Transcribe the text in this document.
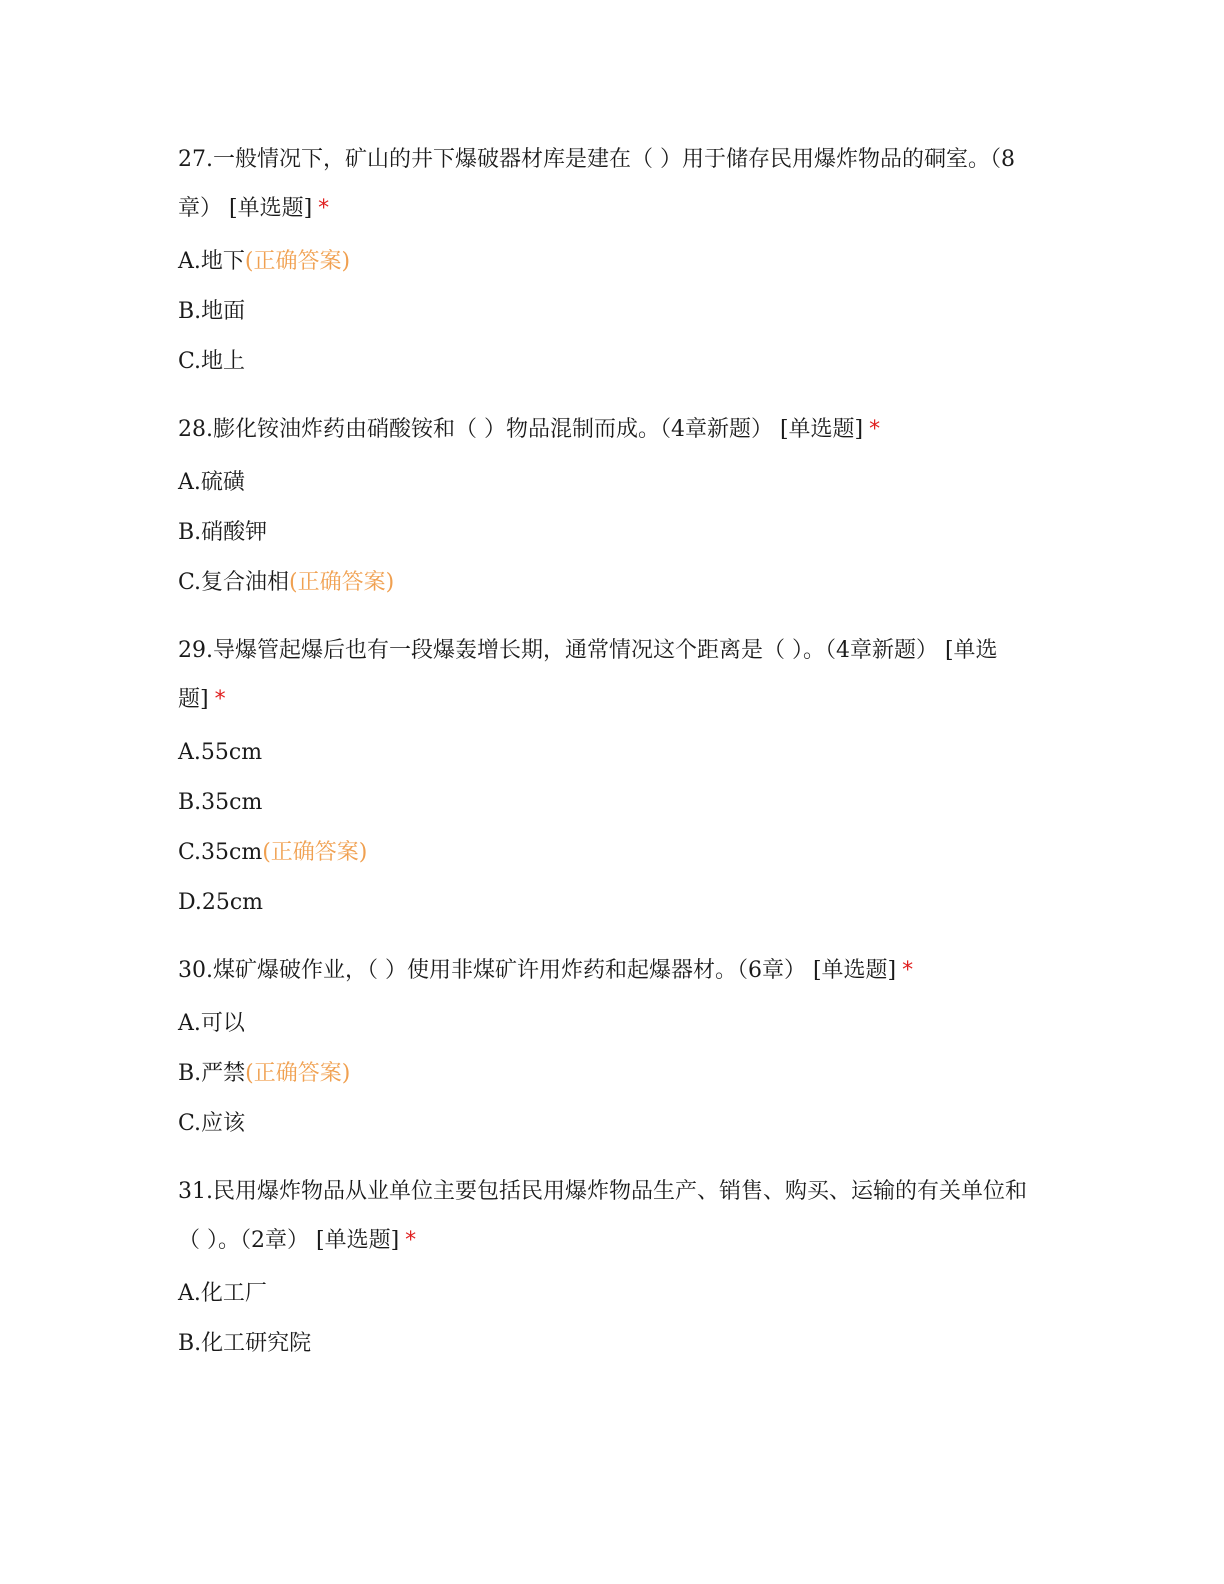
27.一般情况下，矿山的井下爆破器材库是建在（ ）用于储存民用爆炸物品的硐室。（8章） [单选题] *

A.地下 (正确答案)
B.地面
C.地上

28.膨化铵油炸药由硝酸铵和（ ）物品混制而成。（4章新题） [单选题] *

A.硫磺
B.硝酸钾
C.复合油相 (正确答案)

29.导爆管起爆后也有一段爆轰增长期，通常情况这个距离是（ ）。（4章新题） [单选题] *

A.55cm
B.35cm
C.35cm (正确答案)
D.25cm

30.煤矿爆破作业，（ ）使用非煤矿许用炸药和起爆器材。（6章） [单选题] *

A.可以
B.严禁 (正确答案)
C.应该

31.民用爆炸物品从业单位主要包括民用爆炸物品生产、销售、购买、运输的有关单位和（ ）。（2章） [单选题] *

A.化工厂
B.化工研究院
